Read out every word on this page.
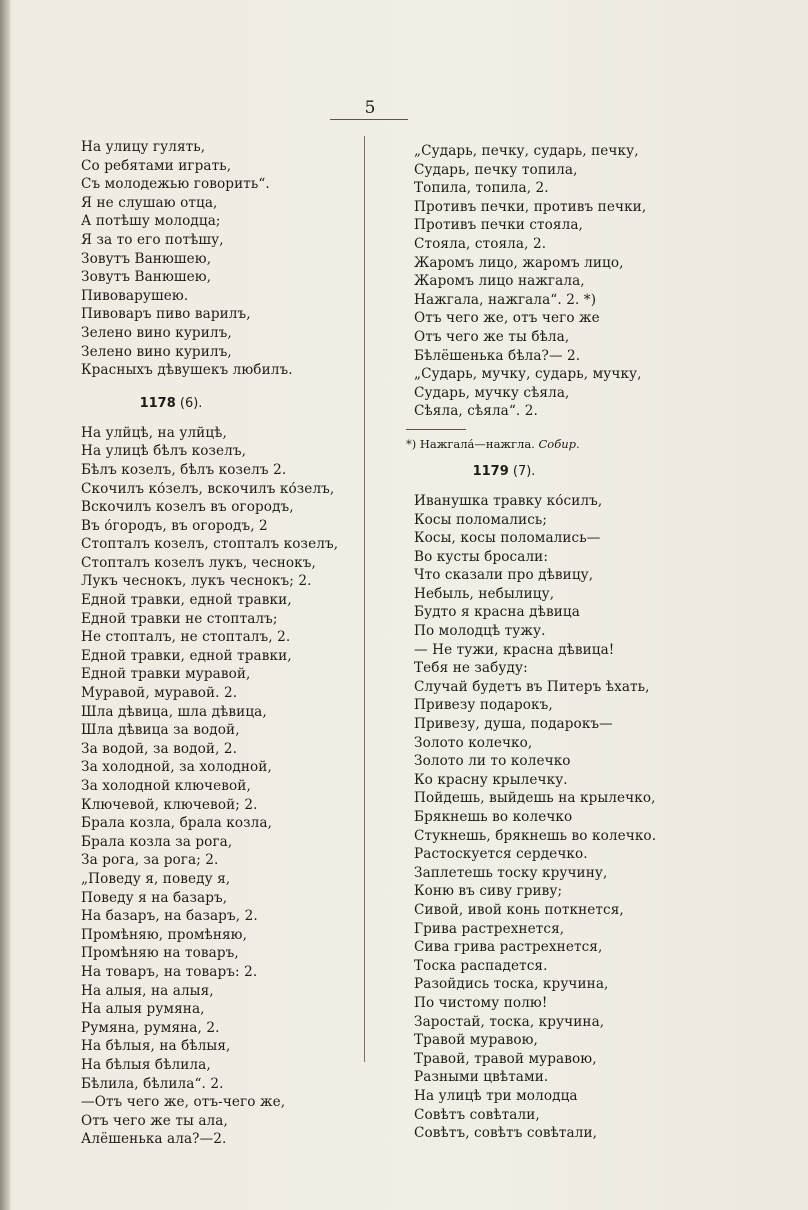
5
На улицу гулять,
Со ребятами играть,
Съ молодежью говорить“.
Я не слушаю отца,
А потѣшу молодца;
Я за то его потѣшу,
Зовутъ Ванюшею,
Зовутъ Ванюшею,
Пивоварушею.
Пивоваръ пиво варилъ,
Зелено вино курилъ,
Зелено вино курилъ,
Красныхъ дѣвушекъ любилъ.
1178 (6).
На улйцѣ, на улйцѣ,
На улицѣ бѣлъ козелъ,
Бѣлъ козелъ, бѣлъ козелъ 2.
Скочилъ ко́зелъ, вскочилъ ко́зелъ,
Вскочилъ козелъ въ огородъ,
Въ о́городъ, въ огородъ, 2
Стопталъ козелъ, стопталъ козелъ,
Стопталъ козелъ лукъ, чеснокъ,
Лукъ чеснокъ, лукъ чеснокъ; 2.
Едной травки, едной травки,
Едной травки не стопталъ;
Не стопталъ, не стопталъ, 2.
Едной травки, едной травки,
Едной травки муравой,
Муравой, муравой. 2.
Шла дѣвица, шла дѣвица,
Шла дѣвица за водой,
За водой, за водой, 2.
За холодной, за холодной,
За холодной ключевой,
Ключевой, ключевой; 2.
Брала козла, брала козла,
Брала козла за рога,
За рога, за рога; 2.
„Поведу я, поведу я,
Поведу я на базаръ,
На базаръ, на базаръ, 2.
Промѣняю, промѣняю,
Промѣняю на товаръ,
На товаръ, на товаръ: 2.
На алыя, на алыя,
На алыя румяна,
Румяна, румяна, 2.
На бѣлыя, на бѣлыя,
На бѣлыя бѣлила,
Бѣлила, бѣлила“. 2.
—Отъ чего же, отъ-чего же,
Отъ чего же ты ала,
Алёшенька ала?—2.
„Сударь, печку, сударь, печку,
Сударь, печку топила,
Топила, топила, 2.
Противъ печки, противъ печки,
Противъ печки стояла,
Стояла, стояла, 2.
Жаромъ лицо, жаромъ лицо,
Жаромъ лицо нажгала,
Нажгала, нажгала“. 2. *)
Отъ чего же, отъ чего же
Отъ чего же ты бѣла,
Бѣлёшенька бѣла?— 2.
„Сударь, мучку, сударь, мучку,
Сударь, мучку сѣяла,
Сѣяла, сѣяла“. 2.
*) Нажгала́—нажгла. Собир.
1179 (7).
Иванушка травку ко́силъ,
Косы поломались;
Косы, косы поломались—
Во кусты бросали:
Что сказали про дѣвицу,
Небыль, небылицу,
Будто я красна дѣвица
По молодцѣ тужу.
— Не тужи, красна дѣвица!
Тебя не забуду:
Случай будетъ въ Питеръ ѣхать,
Привезу подарокъ,
Привезу, душа, подарокъ—
Золото колечко,
Золото ли то колечко
Ко красну крылечку.
Пойдешь, выйдешь на крылечко,
Брякнешь во колечко
Стукнешь, брякнешь во колечко.
Растоскуется сердечко.
Заплетешь тоску кручину,
Коню въ сиву гриву;
Сивой, ивой конь поткнется,
Грива растрехнется,
Сива грива растрехнется,
Тоска распадется.
Разойдись тоска, кручина,
По чистому полю!
Заростай, тоска, кручина,
Травой муравою,
Травой, травой муравою,
Разными цвѣтами.
На улицѣ три молодца
Совѣтъ совѣтали,
Совѣтъ, совѣтъ совѣтали,
